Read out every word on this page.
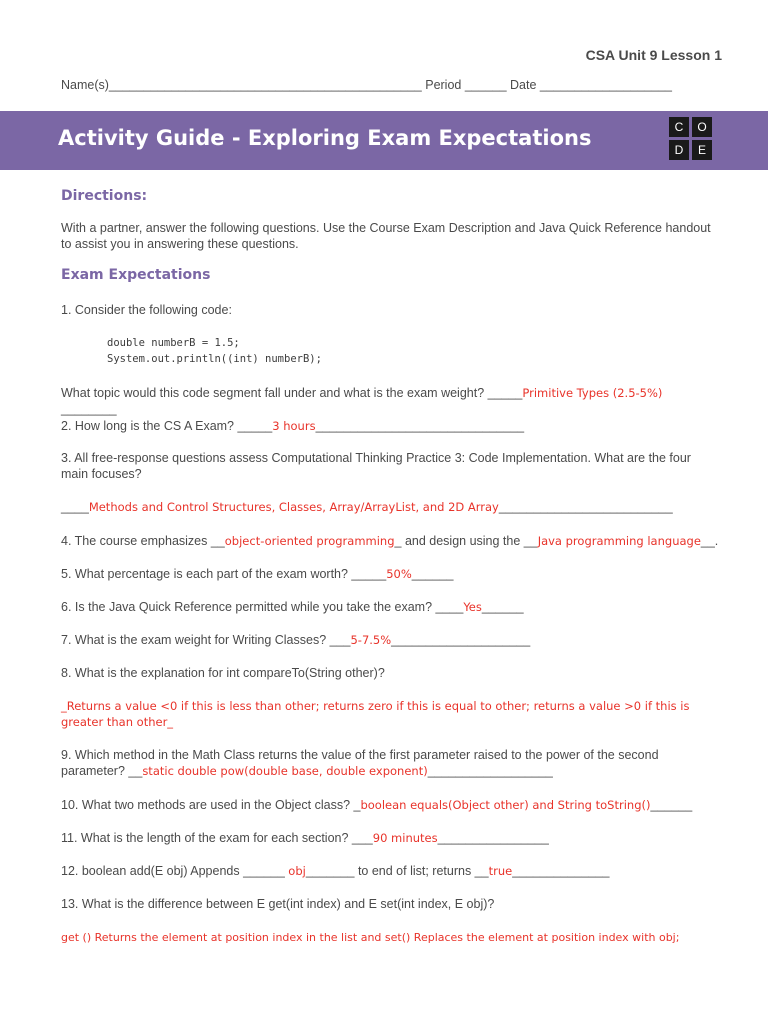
CSA Unit 9 Lesson 1
Name(s)_____________________________________________ Period ______ Date ___________________
Activity Guide - Exploring Exam Expectations	C	O
D	E
Directions:
With a partner, answer the following questions. Use the Course Exam Description and Java Quick Reference handout to assist you in answering these questions.
Exam Expectations
1. Consider the following code:
double numberB = 1.5;
System.out.println((int) numberB);
What topic would this code segment fall under and what is the exam weight? _____Primitive Types (2.5-5%) ________
2. How long is the CS A Exam? _____3 hours______________________________
3. All free-response questions assess Computational Thinking Practice 3: Code Implementation. What are the four main focuses?
____Methods and Control Structures, Classes, Array/ArrayList, and 2D Array_________________________
4. The course emphasizes __object-oriented programming_ and design using the __Java programming language__.
5. What percentage is each part of the exam worth? _____50%______
6. Is the Java Quick Reference permitted while you take the exam? ____Yes______
7. What is the exam weight for Writing Classes? ___5-7.5%____________________
8. What is the explanation for int compareTo(String other)?
_Returns a value <0 if this is less than other; returns zero if this is equal to other; returns a value >0 if this is greater than other_
9. Which method in the Math Class returns the value of the first parameter raised to the power of the second parameter? __static double pow(double base, double exponent)__________________
10. What two methods are used in the Object class? _boolean equals(Object other) and String toString()______
11. What is the length of the exam for each section? ___90 minutes________________
12. boolean add(E obj) Appends ______ obj_______ to end of list; returns __true______________
13. What is the difference between E get(int index) and E set(int index, E obj)?
get () Returns the element at position index in the list and set() Replaces the element at position index with obj;
